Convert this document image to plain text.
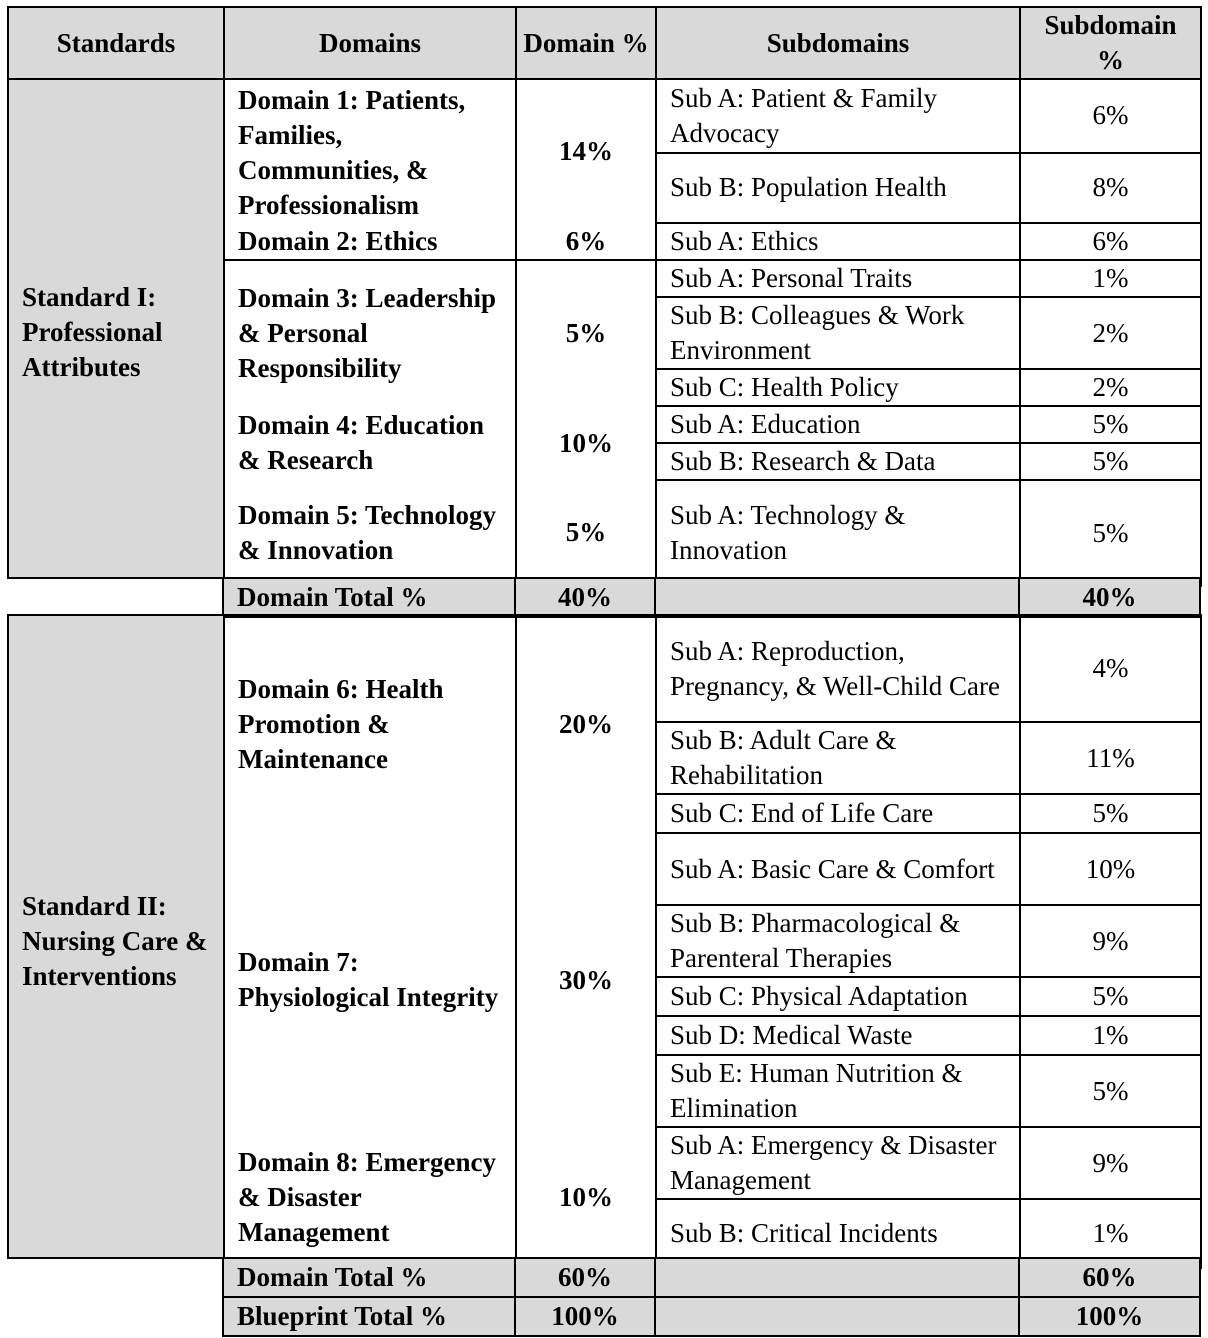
Standards	Domains	Domain %	Subdomains	Subdomain %
Standard I: Professional Attributes	Domain 1: Patients, Families, Communities, & Professionalism	14%	Sub A: Patient & Family Advocacy	6%
			Sub B: Population Health	8%
	Domain 2: Ethics	6%	Sub A: Ethics	6%
	Domain 3: Leadership & Personal Responsibility	5%	Sub A: Personal Traits	1%
			Sub B: Colleagues & Work Environment	2%
			Sub C: Health Policy	2%
	Domain 4: Education & Research	10%	Sub A: Education	5%
			Sub B: Research & Data	5%
	Domain 5: Technology & Innovation	5%	Sub A: Technology & Innovation	5%
	Domain Total %	40%		40%
Standard II: Nursing Care & Interventions	Domain 6: Health Promotion & Maintenance	20%	Sub A: Reproduction, Pregnancy, & Well-Child Care	4%
			Sub B: Adult Care & Rehabilitation	11%
			Sub C: End of Life Care	5%
	Domain 7: Physiological Integrity	30%	Sub A: Basic Care & Comfort	10%
			Sub B: Pharmacological & Parenteral Therapies	9%
			Sub C: Physical Adaptation	5%
			Sub D: Medical Waste	1%
			Sub E: Human Nutrition & Elimination	5%
	Domain 8: Emergency & Disaster Management	10%	Sub A: Emergency & Disaster Management	9%
			Sub B: Critical Incidents	1%
	Domain Total %	60%		60%
	Blueprint Total %	100%		100%
